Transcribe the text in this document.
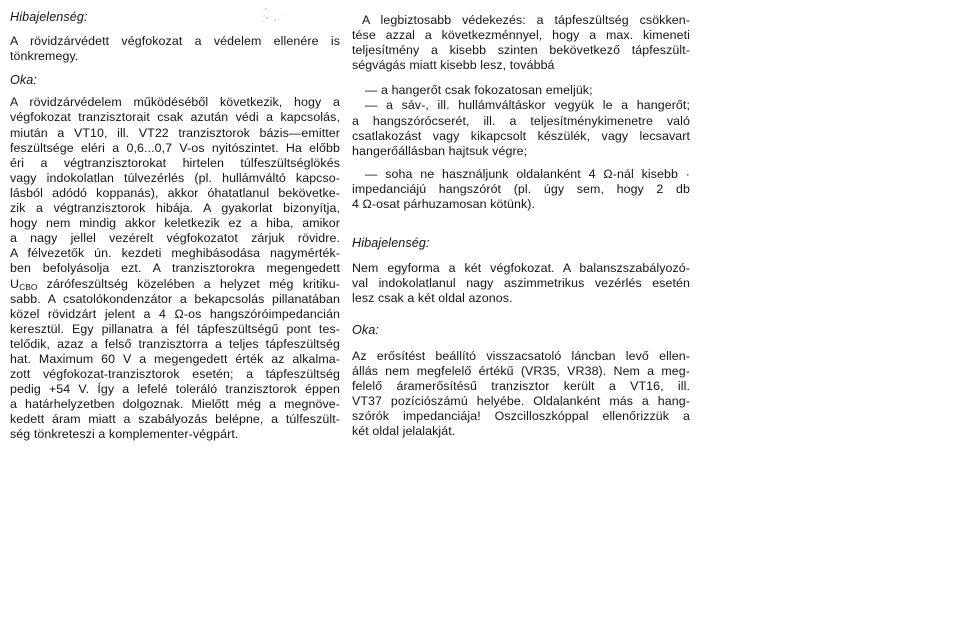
Hibajelenség:
A rövidzárvédett végfokozat a védelem ellenére is
tönkremegy.
Oka:
A rövidzárvédelem működéséből következik, hogy a
végfokozat tranzisztorait csak azután védi a kapcsolás,
miután a VT10, ill. VT22 tranzisztorok bázis—emitter
feszültsége eléri a 0,6...0,7 V-os nyitószintet. Ha előbb
éri a végtranzisztorokat hirtelen túlfeszültséglökés
vagy indokolatlan túlvezérlés (pl. hullámváltó kapcso-
lásból adódó koppanás), akkor óhatatlanul bekövetke-
zik a végtranzisztorok hibája. A gyakorlat bizonyítja,
hogy nem mindig akkor keletkezik ez a hiba, amikor
a nagy jellel vezérelt végfokozatot zárjuk rövidre.
A félvezetők ún. kezdeti meghibásodása nagymérték-
ben befolyásolja ezt. A tranzisztorokra megengedett
$U_{CBO}$ zárófeszültség közelében a helyzet még kritiku-
sabb. A csatolókondenzátor a bekapcsolás pillanatában
közel rövidzárt jelent a 4 Ω-os hangszóróimpedancián
keresztül. Egy pillanatra a fél tápfeszültségű pont tes-
telődik, azaz a felső tranzisztorra a teljes tápfeszültség
hat. Maximum 60 V a megengedett érték az alkalma-
zott végfokozat-tranzisztorok esetén; a tápfeszültség
pedig +54 V. Így a lefelé toleráló tranzisztorok éppen
a határhelyzetben dolgoznak. Mielőtt még a megnöve-
kedett áram miatt a szabályozás belépne, a túlfeszült-
ség tönkreteszi a komplementer-végpárt.
A legbiztosabb védekezés: a tápfeszültség csökken-
tése azzal a következménnyel, hogy a max. kimeneti
teljesítmény a kisebb szinten bekövetkező tápfeszült-
ségvágás miatt kisebb lesz, továbbá
— a hangerőt csak fokozatosan emeljük;
— a sáv-, ill. hullámváltáskor vegyük le a hangerőt;
a hangszórócserét, ill. a teljesítménykimenetre való
csatlakozást vagy kikapcsolt készülék, vagy lecsavart
hangerőállásban hajtsuk végre;
— soha ne használjunk oldalanként 4 Ω-nál kisebb ·
impedanciájú hangszórót (pl. úgy sem, hogy 2 db
4 Ω-osat párhuzamosan kötünk).
Hibajelenség:
Nem egyforma a két végfokozat. A balanszszabályozó-
val indokolatlanul nagy aszimmetrikus vezérlés esetén
lesz csak a két oldal azonos.
Oka:
Az erősítést beállító visszacsatoló láncban levő ellen-
állás nem megfelelő értékű (VR35, VR38). Nem a meg-
felelő áramerősítésű tranzisztor került a VT16, ill.
VT37 pozíciószámú helyébe. Oldalanként más a hang-
szórók impedanciája! Oszcilloszkóppal ellenőrizzük a
két oldal jelalakját.
